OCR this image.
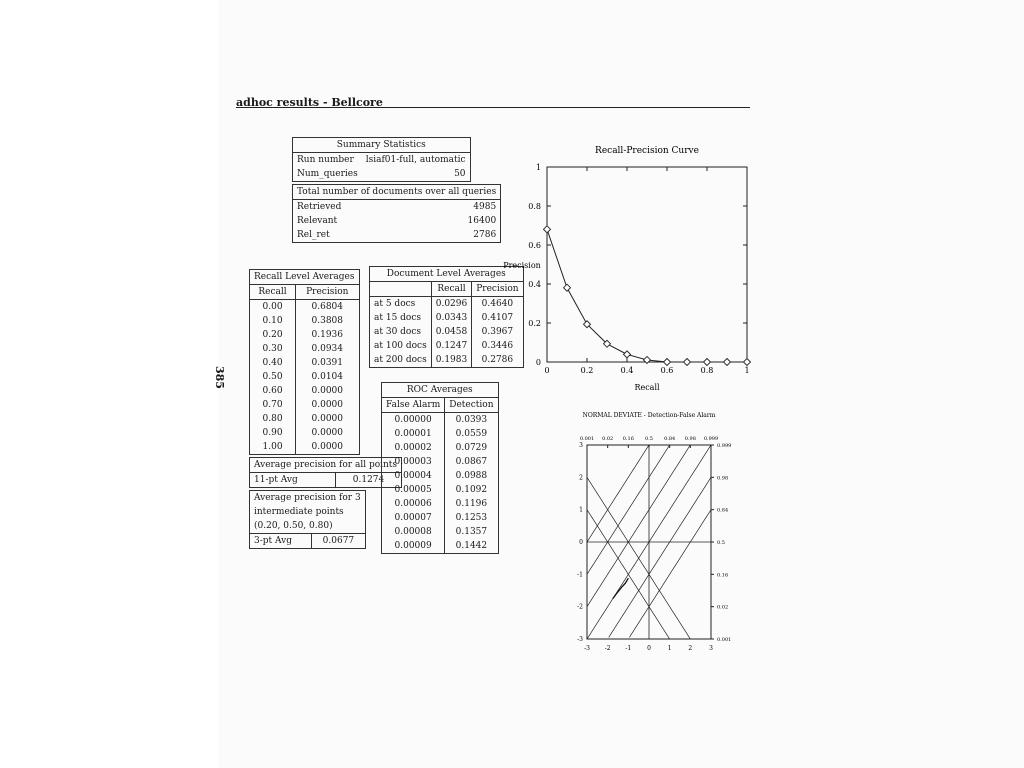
adhoc results - Bellcore
385
Summary Statistics	
Run number	lsiaf01-full, automatic
Num_queries	50
Total number of documents over all queries	
Retrieved	4985
Relevant	16400
Rel_ret	2786
Recall Level Averages	
Recall	Precision
0.00	0.6804
0.10	0.3808
0.20	0.1936
0.30	0.0934
0.40	0.0391
0.50	0.0104
0.60	0.0000
0.70	0.0000
0.80	0.0000
0.90	0.0000
1.00	0.0000
Average precision for all points
11-pt Avg	0.1274
Average precision for 3
intermediate points
(0.20, 0.50, 0.80)
3-pt Avg	0.0677
Document Level Averages		
	Recall	Precision
at 5 docs	0.0296	0.4640
at 15 docs	0.0343	0.4107
at 30 docs	0.0458	0.3967
at 100 docs	0.1247	0.3446
at 200 docs	0.1983	0.2786
ROC Averages	
False Alarm	Detection
0.00000	0.0393
0.00001	0.0559
0.00002	0.0729
0.00003	0.0867
0.00004	0.0988
0.00005	0.1092
0.00006	0.1196
0.00007	0.1253
0.00008	0.1357
0.00009	0.1442
Recall-Precision Curve
Precision
Recall
0	0.2	0.4	0.6	0.8	1
0
0.2
0.4
0.6
0.8
1
NORMAL DEVIATE - Detection-False Alarm
-3
0.001
-2
0.02
-1
0.16
0
0.5
1
0.84
2
0.98
3
0.999
-3	0.001
-2	0.02
-1	0.16
0	0.5
1	0.84
2	0.98
3	0.999
